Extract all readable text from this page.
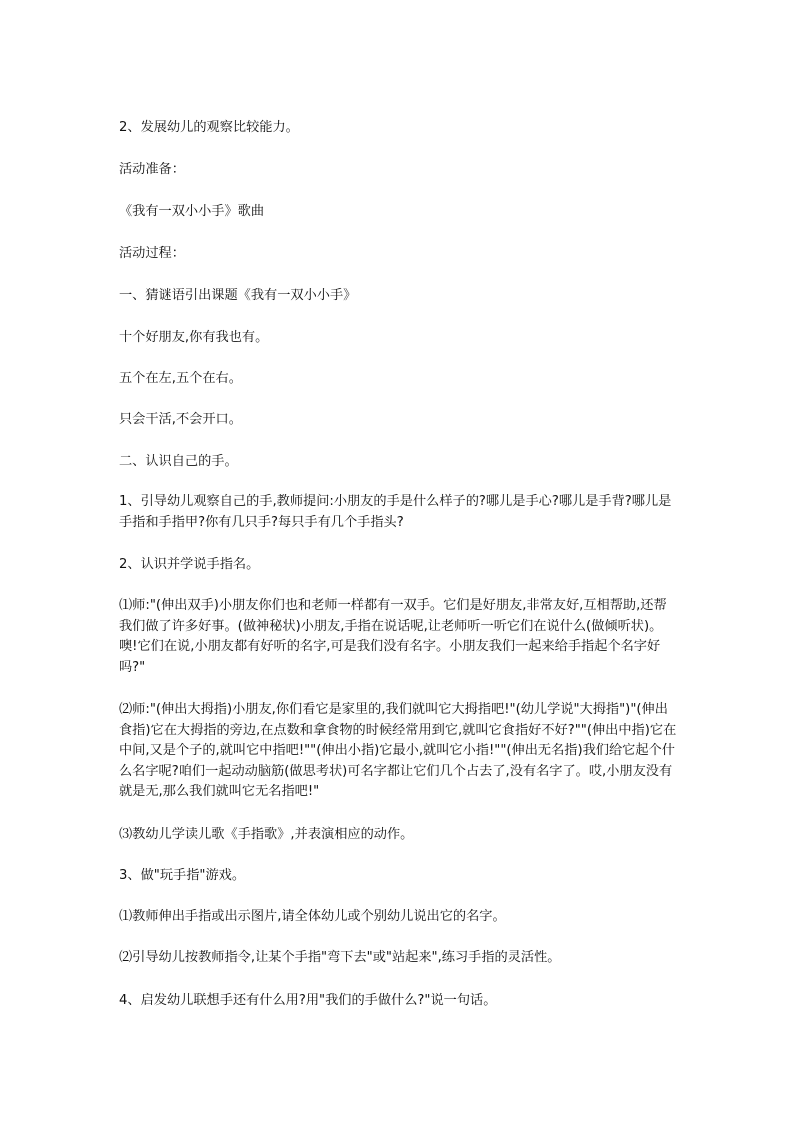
2、发展幼儿的观察比较能力。

活动准备：

《我有一双小小手》歌曲

活动过程：

一、猜谜语引出课题《我有一双小小手》

十个好朋友,你有我也有。

五个在左,五个在右。

只会干活,不会开口。

二、认识自己的手。

1、引导幼儿观察自己的手,教师提问:小朋友的手是什么样子的?哪儿是手心?哪儿是手背?哪儿是手指和手指甲?你有几只手?每只手有几个手指头?

2、认识并学说手指名。

⑴师:"(伸出双手)小朋友你们也和老师一样都有一双手。它们是好朋友,非常友好,互相帮助,还帮我们做了许多好事。(做神秘状)小朋友,手指在说话呢,让老师听一听它们在说什么(做倾听状)。噢!它们在说,小朋友都有好听的名字,可是我们没有名字。小朋友我们一起来给手指起个名字好吗?"

⑵师:"(伸出大拇指)小朋友,你们看它是家里的,我们就叫它大拇指吧!"(幼儿学说"大拇指")"(伸出食指)它在大拇指的旁边,在点数和拿食物的时候经常用到它,就叫它食指好不好?""(伸出中指)它在中间,又是个子的,就叫它中指吧!""(伸出小指)它最小,就叫它小指!""(伸出无名指)我们给它起个什么名字呢?咱们一起动动脑筋(做思考状)可名字都让它们几个占去了,没有名字了。哎,小朋友没有就是无,那么我们就叫它无名指吧!"

⑶教幼儿学读儿歌《手指歌》,并表演相应的动作。

3、做"玩手指"游戏。

⑴教师伸出手指或出示图片,请全体幼儿或个别幼儿说出它的名字。

⑵引导幼儿按教师指令,让某个手指"弯下去"或"站起来",练习手指的灵活性。

4、启发幼儿联想手还有什么用?用"我们的手做什么?"说一句话。
